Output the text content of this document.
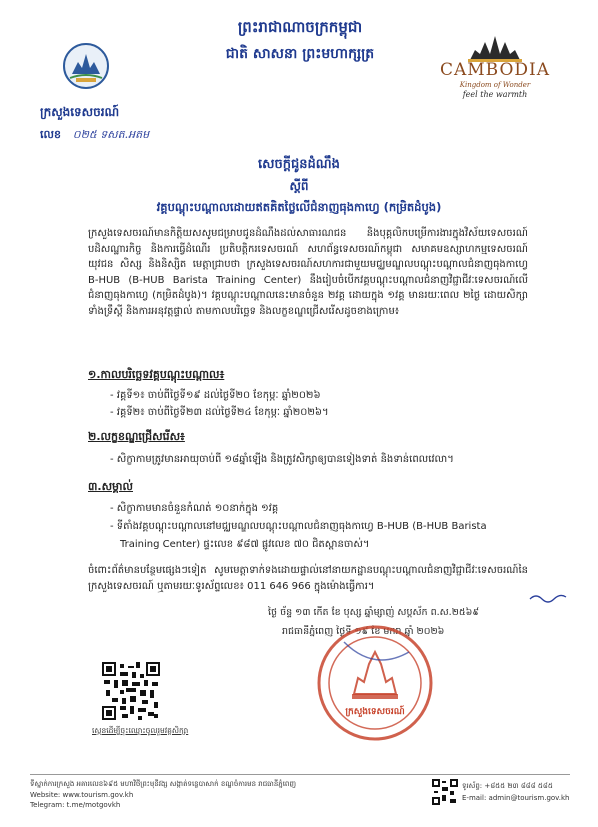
ព្រះរាជាណាចក្រកម្ពុជា
ជាតិ សាសនា ព្រះមហាក្សត្រ
CAMBODIA
Kingdom of Wonder
feel the warmth
ក្រសួងទេសចរណ៍
លេខ ០២៥ ទសត.អតម
សេចក្តីជូនដំណឹង
ស្តីពី
វគ្គបណ្តុះបណ្តាលដោយឥតគិតថ្លៃលើជំនាញធុងកាហ្វេ (កម្រិតដំបូង)
ក្រសួងទេសចរណ៍មានកិត្តិយសសូមជម្រាបជូនដំណឹងដល់សាធារណជន និងបុគ្គលិកបម្រើការងារក្នុងវិស័យទេសចរណ៍ បដិសណ្ឋារកិច្ច និងការធ្វើដំណើរ ប្រតិបត្តិករទេសចរណ៍ សហព័ន្ធទេសចរណ៍កម្ពុជា សមាគមឧស្សាហកម្មទេសចរណ៍ យុវជន សិស្ស និងនិស្សិត មេត្តាជ្រាបថា ក្រសួងទេសចរណ៍សហការជាមួយមជ្ឈមណ្ឌលបណ្តុះបណ្តាលជំនាញធុងកាហ្វេ B-HUB (B-HUB Barista Training Center) នឹងរៀបចំបើកវគ្គបណ្តុះបណ្តាលជំនាញវិជ្ជាជីវៈទេសចរណ៍លើជំនាញធុងកាហ្វេ (កម្រិតដំបូង)។ វគ្គបណ្តុះបណ្តាលនេះមានចំនួន ២វគ្គ ដោយក្នុង ១វគ្គ មានរយៈពេល ២ថ្ងៃ ដោយសិក្សាទាំងទ្រឹស្តី និងការអនុវត្តផ្ទាល់ តាមកាលបរិច្ឆេទ និងលក្ខខណ្ឌជ្រើសរើសដូចខាងក្រោម៖
១.កាលបរិច្ឆេទវគ្គបណ្តុះបណ្តាល៖
- វគ្គទី១៖ ចាប់ពីថ្ងៃទី១៩ ដល់ថ្ងៃទី២០ ខែកុម្ភៈ ឆ្នាំ២០២៦
- វគ្គទី២៖ ចាប់ពីថ្ងៃទី២៣ ដល់ថ្ងៃទី២៤ ខែកុម្ភៈ ឆ្នាំ២០២៦។
២.លក្ខខណ្ឌជ្រើសរើស៖
- សិក្ខាកាមត្រូវមានអាយុចាប់ពី ១៨ឆ្នាំឡើង និងត្រូវសិក្សាឲ្យបានទៀងទាត់ និងទាន់ពេលវេលា។
៣.សម្គាល់
- សិក្ខាកាមមានចំនួនកំណត់ ១០នាក់ក្នុង ១វគ្គ
- ទីតាំងវគ្គបណ្តុះបណ្តាលនៅមជ្ឈមណ្ឌលបណ្តុះបណ្តាលជំនាញធុងកាហ្វេ B-HUB (B-HUB Barista
Training Center) ផ្ទះលេខ ៩៨៧ ផ្លូវលេខ ៧០ ជិតស្ពានចាស់។
ចំពោះព័ត៌មានបន្ថែមផ្សេងៗទៀត សូមមេត្តាទាក់ទងដោយផ្ទាល់នៅនាយកដ្ឋានបណ្តុះបណ្តាលជំនាញវិជ្ជាជីវៈទេសចរណ៍នៃក្រសួងទេសចរណ៍ ឬតាមរយៈទូរស័ព្ទលេខ៖ 011 646 966 ក្នុងម៉ោងធ្វើការ។
ថ្ងៃ ច័ន្ទ ១៣ កើត ខែ បុស្ស ឆ្នាំម្សាញ់ សប្តស័ក ព.ស.២៥៦៩
រាជធានីភ្នំពេញ ថ្ងៃទី ១៩ ខែ មករា ឆ្នាំ ២០២៦
ក្រសួងទេសចរណ៍
ស្កេនដើម្បីចុះឈ្មោះចូលរួមវគ្គសិក្សា
ទីស្នាក់ការក្រសួង អគារលេខ៦៩៥ មហាវិថីព្រះមុនីវង្ស សង្កាត់ទន្លេបាសាក់ ខណ្ឌចំការមន រាជធានីភ្នំពេញ
Website: www.tourism.gov.kh
Telegram: t.me/motgovkh
ទូរស័ព្ទ: +៨៥៥ ២៣ ៨៨៨ ៥៨៥
E-mail: admin@tourism.gov.kh
